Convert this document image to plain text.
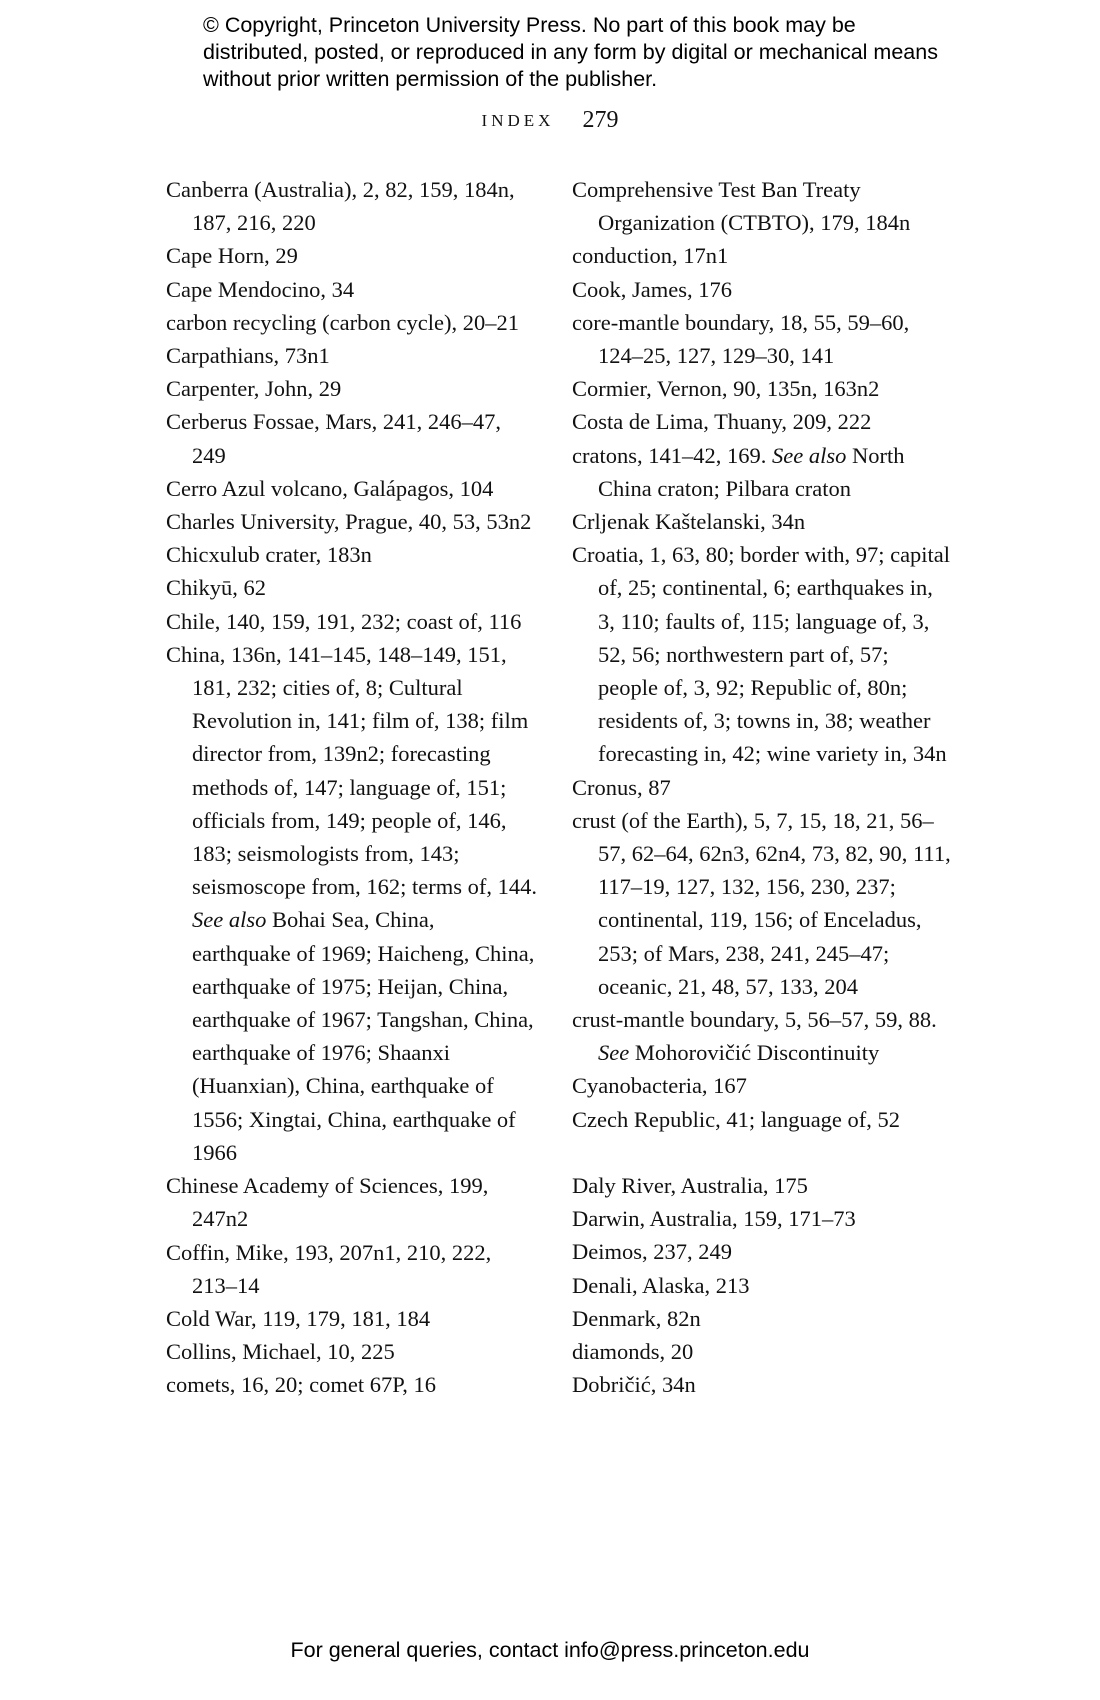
© Copyright, Princeton University Press. No part of this book may be distributed, posted, or reproduced in any form by digital or mechanical means without prior written permission of the publisher.
INDEX 279
Canberra (Australia), 2, 82, 159, 184n, 187, 216, 220
Cape Horn, 29
Cape Mendocino, 34
carbon recycling (carbon cycle), 20–21
Carpathians, 73n1
Carpenter, John, 29
Cerberus Fossae, Mars, 241, 246–47, 249
Cerro Azul volcano, Galápagos, 104
Charles University, Prague, 40, 53, 53n2
Chicxulub crater, 183n
Chikyū, 62
Chile, 140, 159, 191, 232; coast of, 116
China, 136n, 141–145, 148–149, 151, 181, 232; cities of, 8; Cultural Revolution in, 141; film of, 138; film director from, 139n2; forecasting methods of, 147; language of, 151; officials from, 149; people of, 146, 183; seismologists from, 143; seismoscope from, 162; terms of, 144. See also Bohai Sea, China, earthquake of 1969; Haicheng, China, earthquake of 1975; Heijan, China, earthquake of 1967; Tangshan, China, earthquake of 1976; Shaanxi (Huanxian), China, earthquake of 1556; Xingtai, China, earthquake of 1966
Chinese Academy of Sciences, 199, 247n2
Coffin, Mike, 193, 207n1, 210, 222, 213–14
Cold War, 119, 179, 181, 184
Collins, Michael, 10, 225
comets, 16, 20; comet 67P, 16
Comprehensive Test Ban Treaty Organization (CTBTO), 179, 184n
conduction, 17n1
Cook, James, 176
core-mantle boundary, 18, 55, 59–60, 124–25, 127, 129–30, 141
Cormier, Vernon, 90, 135n, 163n2
Costa de Lima, Thuany, 209, 222
cratons, 141–42, 169. See also North China craton; Pilbara craton
Crljenak Kaštelanski, 34n
Croatia, 1, 63, 80; border with, 97; capital of, 25; continental, 6; earthquakes in, 3, 110; faults of, 115; language of, 3, 52, 56; northwestern part of, 57; people of, 3, 92; Republic of, 80n; residents of, 3; towns in, 38; weather forecasting in, 42; wine variety in, 34n
Cronus, 87
crust (of the Earth), 5, 7, 15, 18, 21, 56–57, 62–64, 62n3, 62n4, 73, 82, 90, 111, 117–19, 127, 132, 156, 230, 237; continental, 119, 156; of Enceladus, 253; of Mars, 238, 241, 245–47; oceanic, 21, 48, 57, 133, 204
crust-mantle boundary, 5, 56–57, 59, 88. See Mohorovičić Discontinuity
Cyanobacteria, 167
Czech Republic, 41; language of, 52
Daly River, Australia, 175
Darwin, Australia, 159, 171–73
Deimos, 237, 249
Denali, Alaska, 213
Denmark, 82n
diamonds, 20
Dobričić, 34n
For general queries, contact info@press.princeton.edu
